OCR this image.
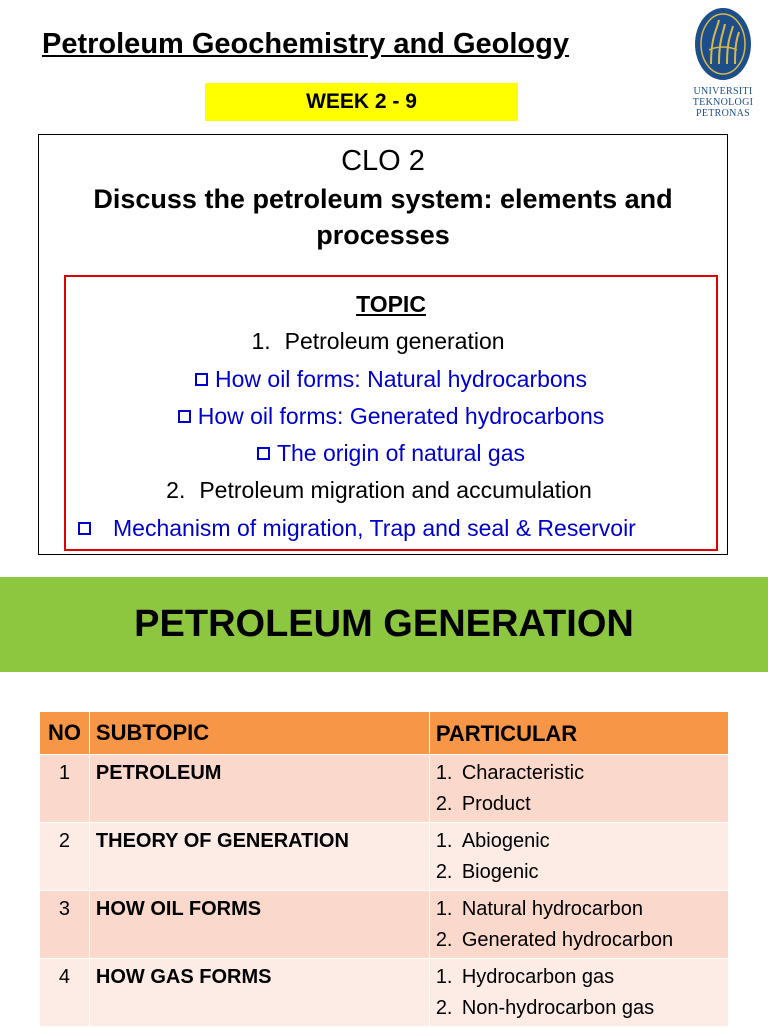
Petroleum Geochemistry and Geology
WEEK 2 - 9	UNIVERSITI
TEKNOLOGI
PETRONAS
CLO 2
Discuss the petroleum system: elements and processes
TOPIC
1. Petroleum generation
How oil forms: Natural hydrocarbons
How oil forms: Generated hydrocarbons
The origin of natural gas
2. Petroleum migration and accumulation
Mechanism of migration, Trap and seal & Reservoir
PETROLEUM GENERATION
NO	SUBTOPIC	PARTICULAR
1	PETROLEUM	1. Characteristic
2. Product

2	THEORY OF GENERATION	1. Abiogenic
2. Biogenic

3	HOW OIL FORMS	1. Natural hydrocarbon
2. Generated hydrocarbon

4	HOW GAS FORMS	1. Hydrocarbon gas
2. Non-hydrocarbon gas
